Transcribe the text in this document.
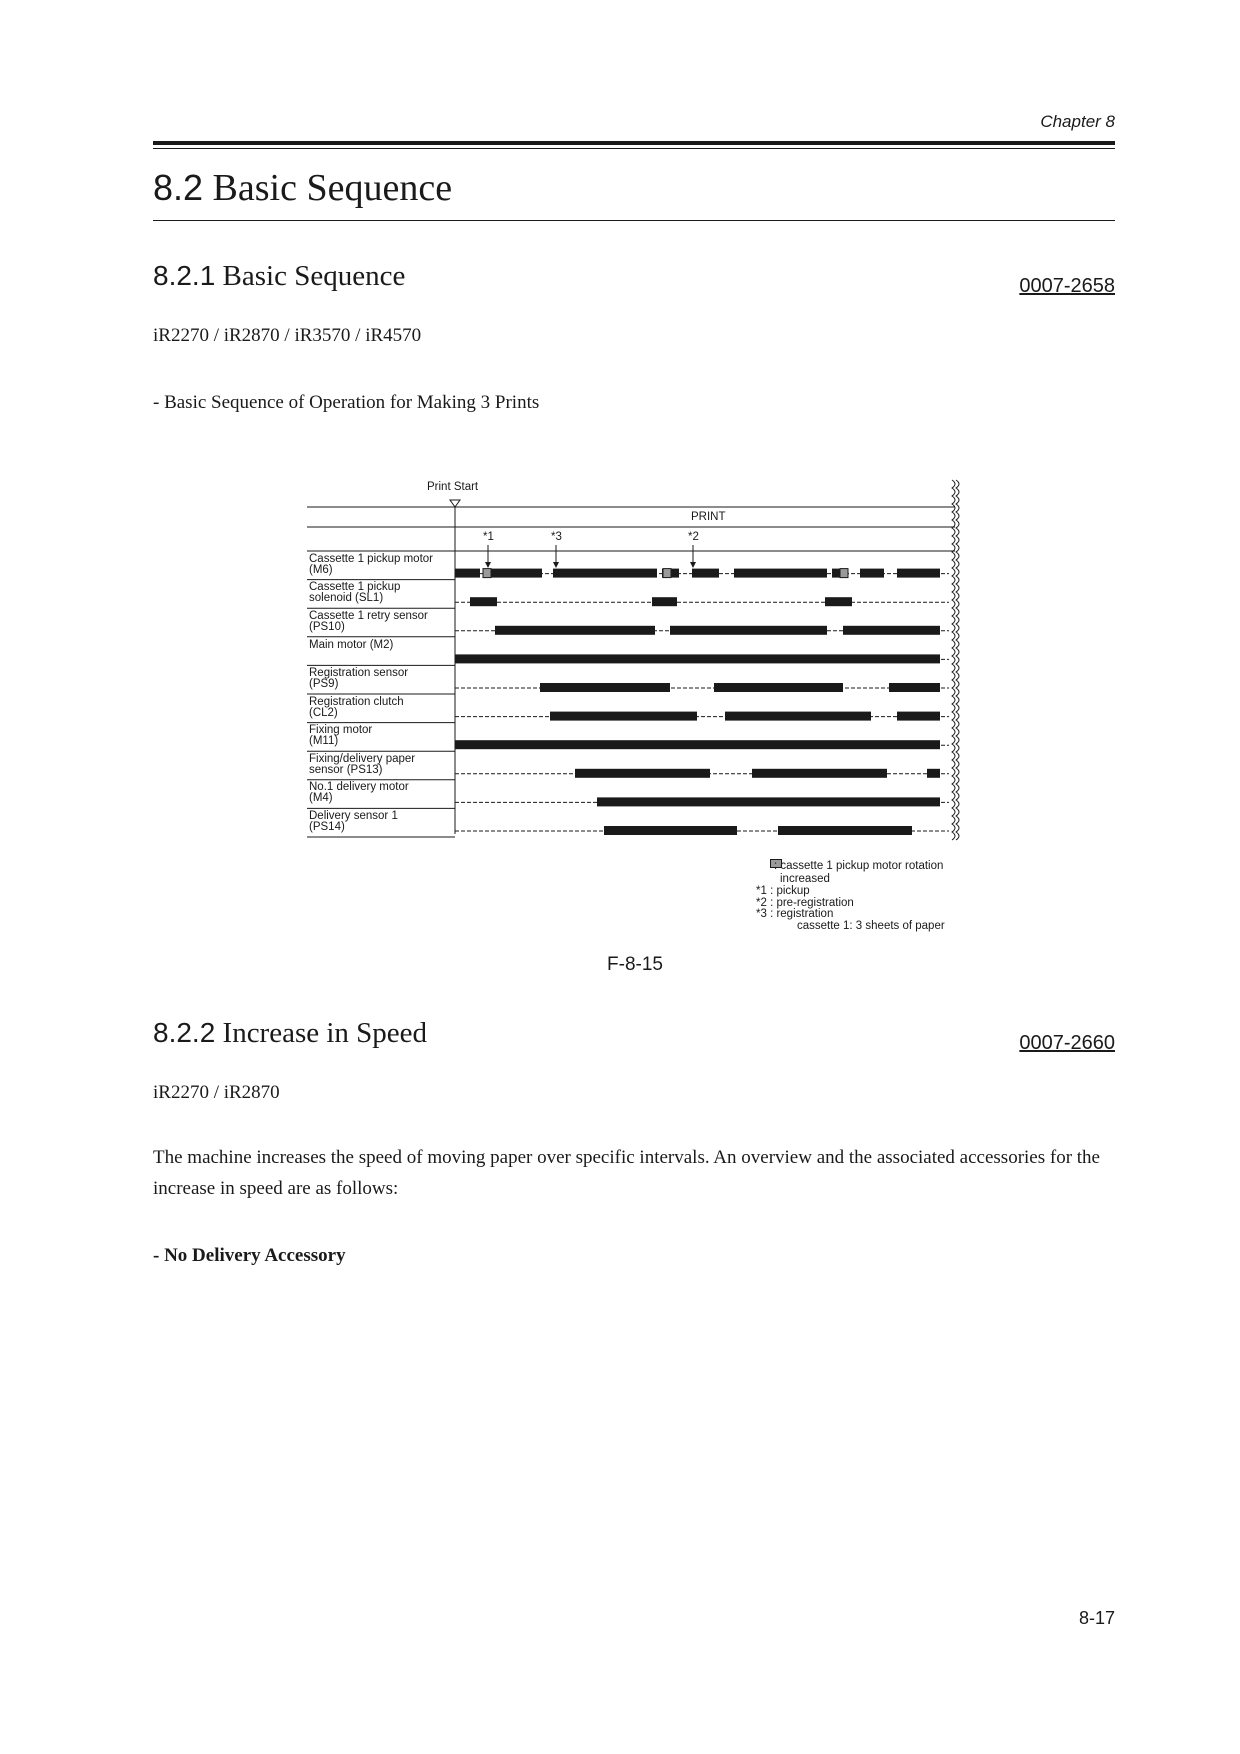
Chapter 8
8.2 Basic Sequence
8.2.1 Basic Sequence	0007-2658
iR2270 / iR2870 / iR3570 / iR4570
- Basic Sequence of Operation for Making 3 Prints
Print Start
PRINT
*1	*3	*2
Cassette 1 pickup motor
(M6)
Cassette 1 pickup
solenoid (SL1)
Cassette 1 retry sensor
(PS10)
Main motor (M2)
Registration sensor
(PS9)
Registration clutch
(CL2)
Fixing motor
(M11)
Fixing/delivery paper
sensor (PS13)
No.1 delivery motor
(M4)
Delivery sensor 1
(PS14)
: cassette 1 pickup motor rotation
increased
*1 : pickup
*2 : pre-registration
*3 : registration
cassette 1: 3 sheets of paper
F-8-15
8.2.2 Increase in Speed	0007-2660
iR2270 / iR2870
The machine increases the speed of moving paper over specific intervals. An overview and the associated accessories for the increase in speed are as follows:
- No Delivery Accessory
8-17
